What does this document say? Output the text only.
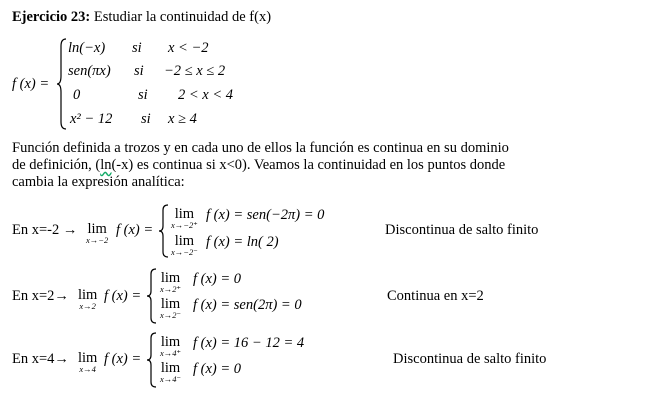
Ejercicio 23: Estudiar la continuidad de f(x)
f (x) =
ln(−x) si x < −2
sen(πx) si −2 ≤ x ≤ 2
0	si 2 < x < 4
x² − 12 si x ≥ 4
Función definida a trozos y en cada uno de ellos la función es continua en su dominio
de definición, (ln(-x) es continua si x<0). Veamos la continuidad en los puntos donde
cambia la expresión analítica:
En x=-2 → lim
x→−2
f (x) =
lim
x→−2⁺
f (x) = sen(−2π) = 0
lim
x→−2⁻
f (x) = ln( 2)
Discontinua de salto finito
En x=2→ lim
x→2
f (x) =
lim
x→2⁺
f (x) = 0
lim
x→2⁻
f (x) = sen(2π) = 0
Continua en x=2
En x=4→ lim
x→4
f (x) =
lim
x→4⁺
f (x) = 16 − 12 = 4
lim
x→4⁻
f (x) = 0
Discontinua de salto finito
